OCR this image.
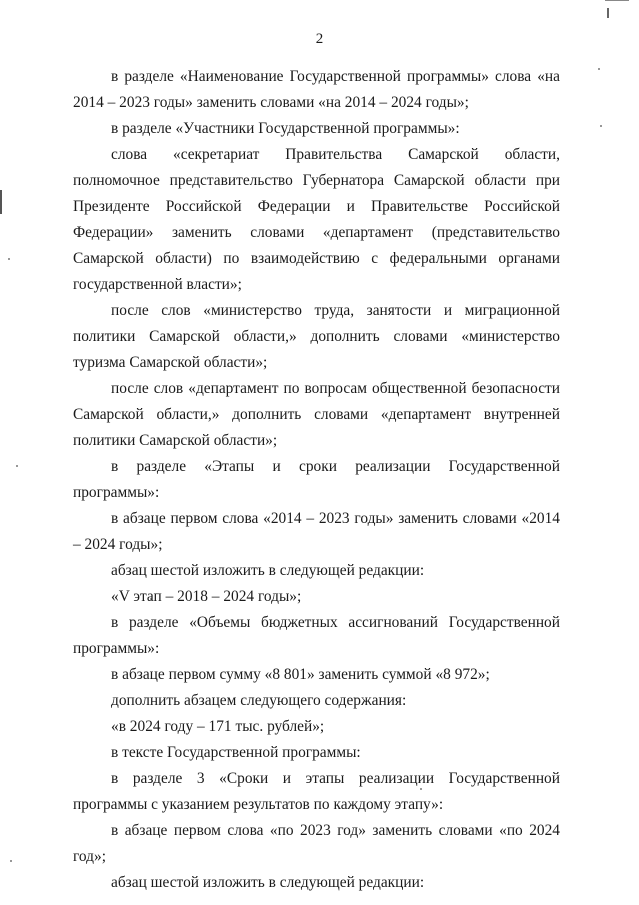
2

в разделе «Наименование Государственной программы» слова «на 2014 – 2023 годы» заменить словами «на 2014 – 2024 годы»;

в разделе «Участники Государственной программы»:

слова «секретариат Правительства Самарской области, полномочное представительство Губернатора Самарской области при Президенте Российской Федерации и Правительстве Российской Федерации» заменить словами «департамент (представительство Самарской области) по взаимодействию с федеральными органами государственной власти»;

после слов «министерство труда, занятости и миграционной политики Самарской области,» дополнить словами «министерство туризма Самарской области»;

после слов «департамент по вопросам общественной безопасности Самарской области,» дополнить словами «департамент внутренней политики Самарской области»;

в разделе «Этапы и сроки реализации Государственной программы»:

в абзаце первом слова «2014 – 2023 годы» заменить словами «2014 – 2024 годы»;

абзац шестой изложить в следующей редакции:

«V этап – 2018 – 2024 годы»;

в разделе «Объемы бюджетных ассигнований Государственной программы»:

в абзаце первом сумму «8 801» заменить суммой «8 972»;

дополнить абзацем следующего содержания:

«в 2024 году – 171 тыс. рублей»;

в тексте Государственной программы:

в разделе 3 «Сроки и этапы реализации Государственной программы с указанием результатов по каждому этапу»:

в абзаце первом слова «по 2023 год» заменить словами «по 2024 год»;

абзац шестой изложить в следующей редакции:
